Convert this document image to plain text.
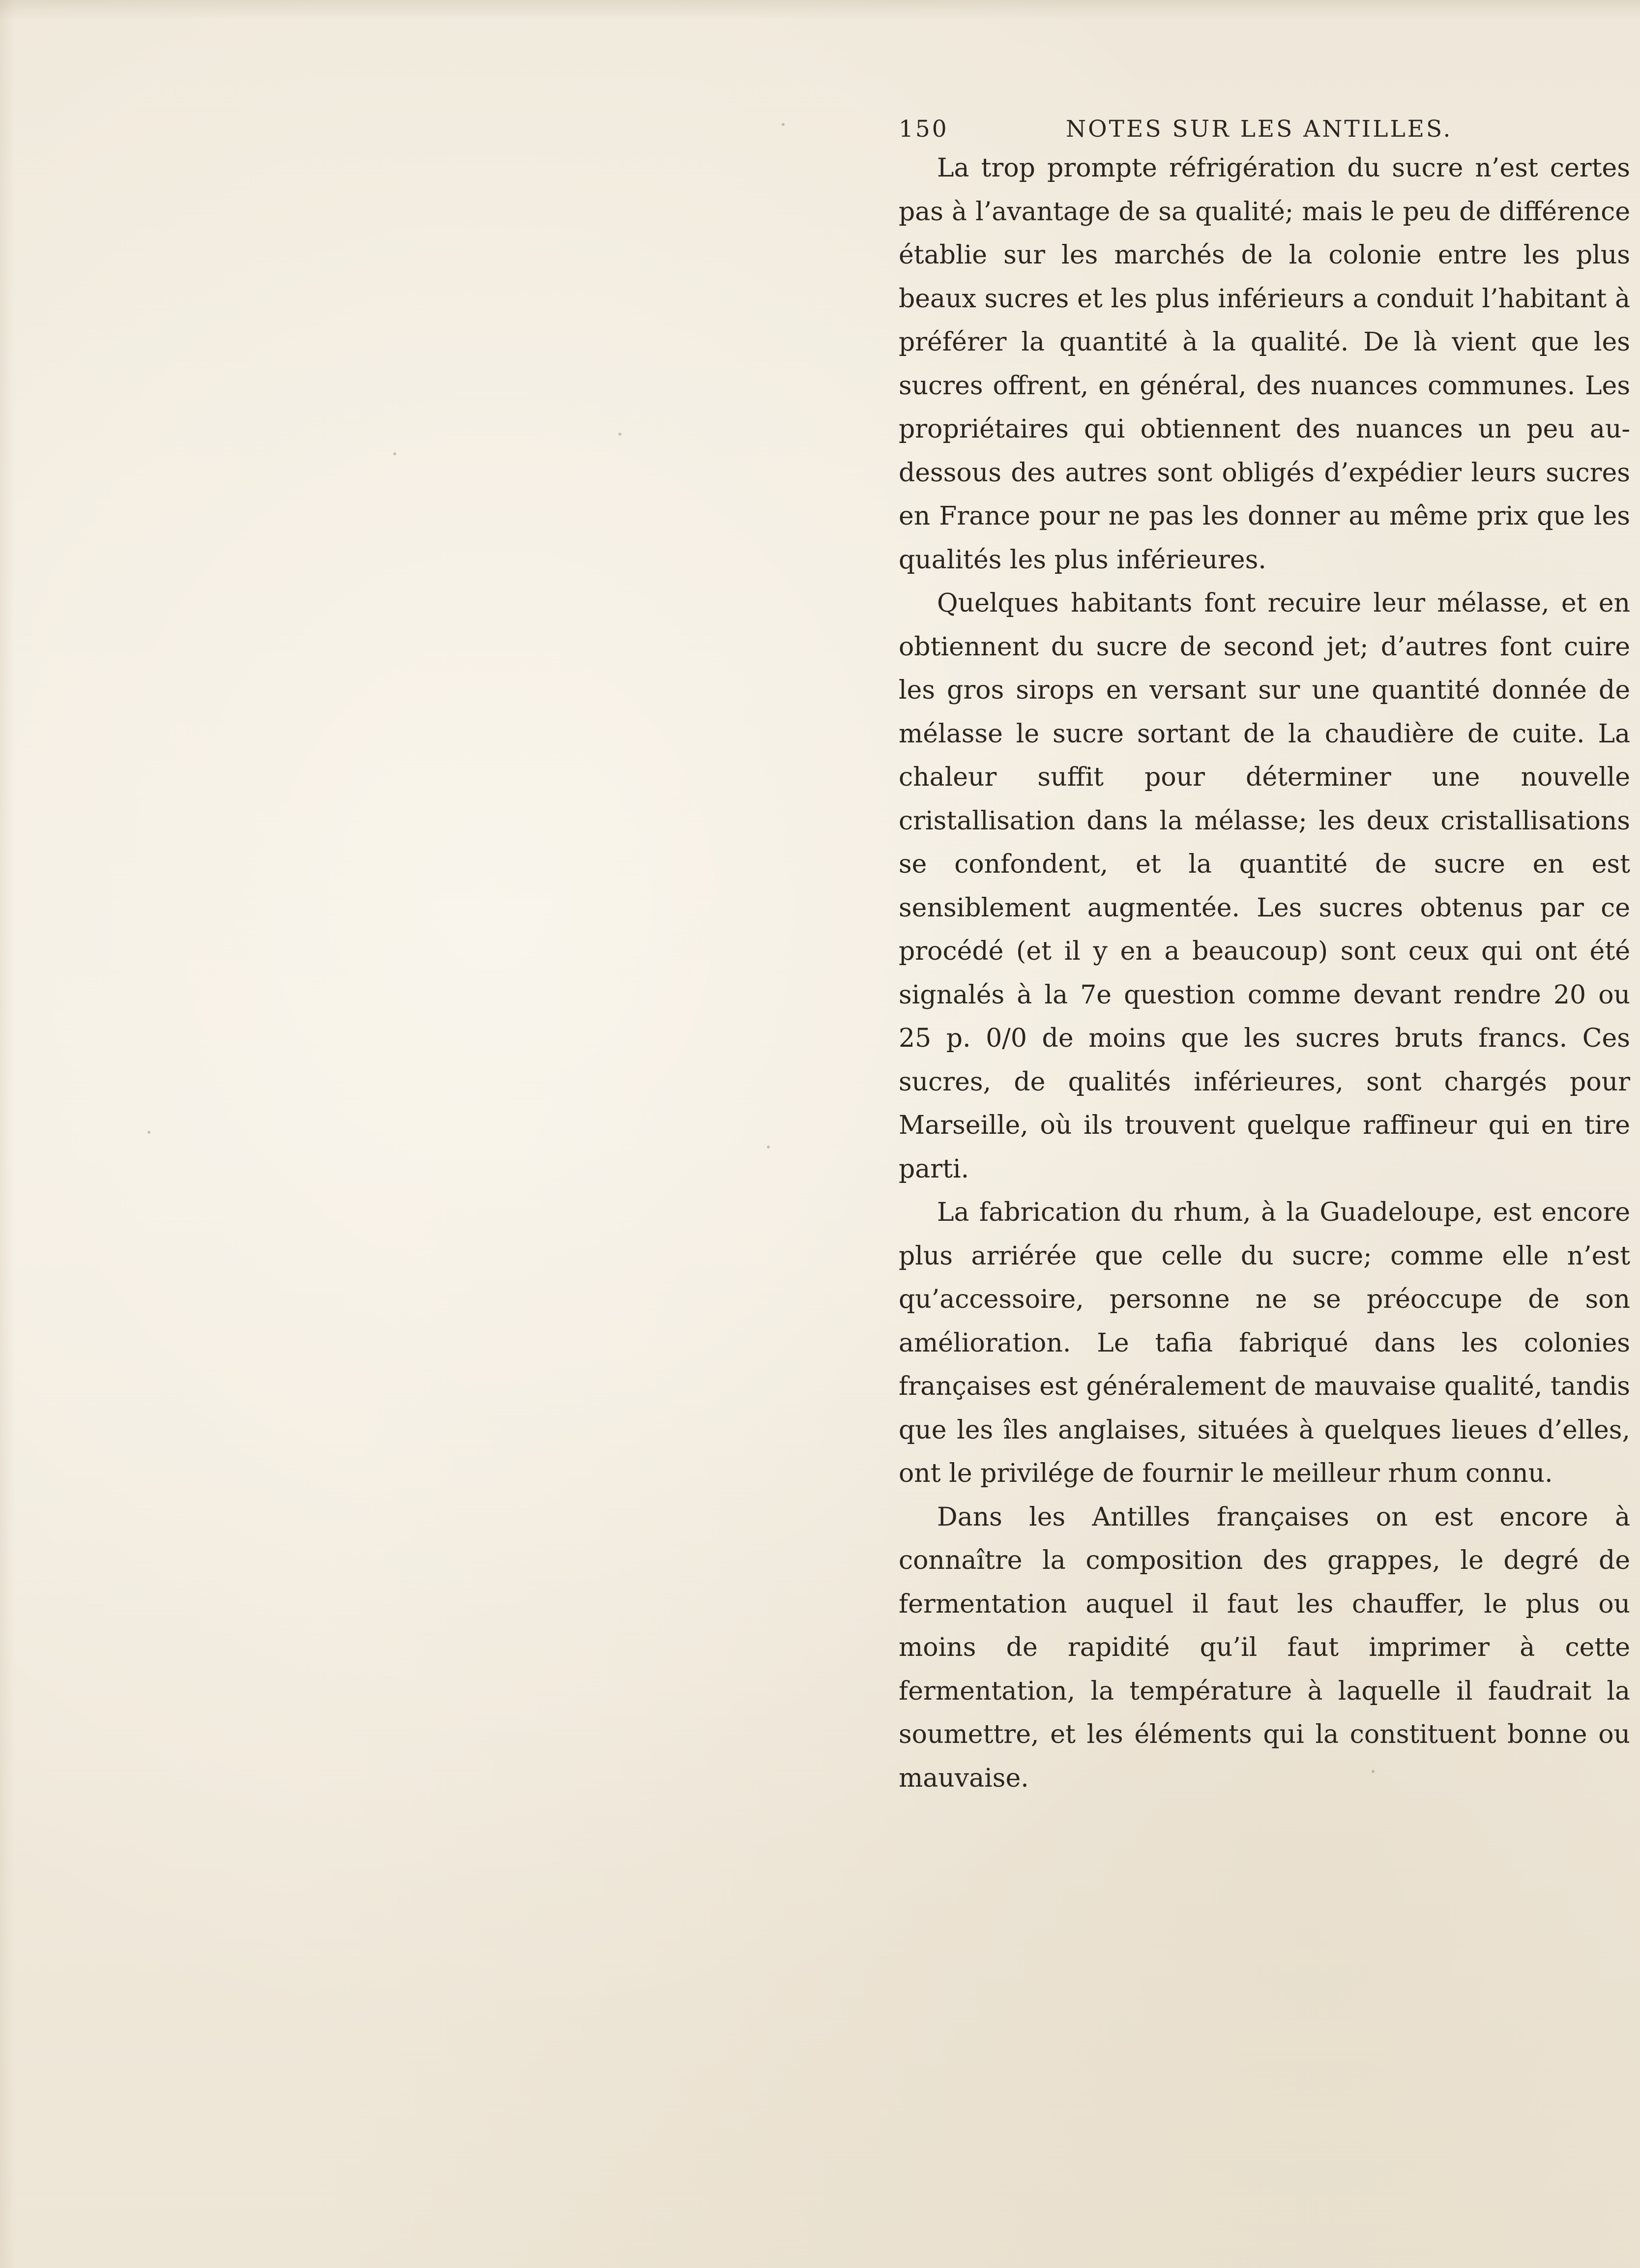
150	NOTES SUR LES ANTILLES.

La trop prompte réfrigération du sucre n’est certes pas à l’avantage de sa qualité; mais le peu de différence établie sur les marchés de la colonie entre les plus beaux sucres et les plus inférieurs a conduit l’habitant à préférer la quantité à la qualité. De là vient que les sucres offrent, en général, des nuances communes. Les propriétaires qui obtiennent des nuances un peu au-dessous des autres sont obligés d’expédier leurs sucres en France pour ne pas les donner au même prix que les qualités les plus inférieures.

Quelques habitants font recuire leur mélasse, et en obtiennent du sucre de second jet; d’autres font cuire les gros sirops en versant sur une quantité donnée de mélasse le sucre sortant de la chaudière de cuite. La chaleur suffit pour déterminer une nouvelle cristallisation dans la mélasse; les deux cristallisations se confondent, et la quantité de sucre en est sensiblement augmentée. Les sucres obtenus par ce procédé (et il y en a beaucoup) sont ceux qui ont été signalés à la 7e question comme devant rendre 20 ou 25 p. 0/0 de moins que les sucres bruts francs. Ces sucres, de qualités inférieures, sont chargés pour Marseille, où ils trouvent quelque raffineur qui en tire parti.

La fabrication du rhum, à la Guadeloupe, est encore plus arriérée que celle du sucre; comme elle n’est qu’accessoire, personne ne se préoccupe de son amélioration. Le tafia fabriqué dans les colonies françaises est généralement de mauvaise qualité, tandis que les îles anglaises, situées à quelques lieues d’elles, ont le privilége de fournir le meilleur rhum connu.

Dans les Antilles françaises on est encore à connaître la composition des grappes, le degré de fermentation auquel il faut les chauffer, le plus ou moins de rapidité qu’il faut imprimer à cette fermentation, la température à laquelle il faudrait la soumettre, et les éléments qui la constituent bonne ou mauvaise.
